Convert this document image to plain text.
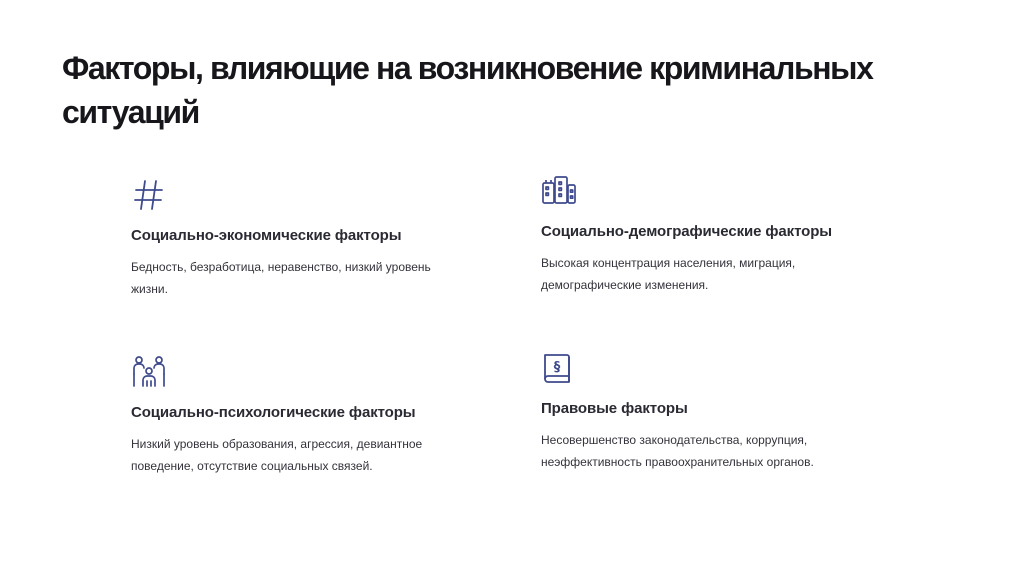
Факторы, влияющие на возникновение криминальных ситуаций
Социально-экономические факторы

Бедность, безработица, неравенство, низкий уровень жизни.

Социально-демографические факторы

Высокая концентрация населения, миграция, демографические изменения.

Социально-психологические факторы

Низкий уровень образования, агрессия, девиантное поведение, отсутствие социальных связей.

§
Правовые факторы

Несовершенство законодательства, коррупция, неэффективность правоохранительных органов.
